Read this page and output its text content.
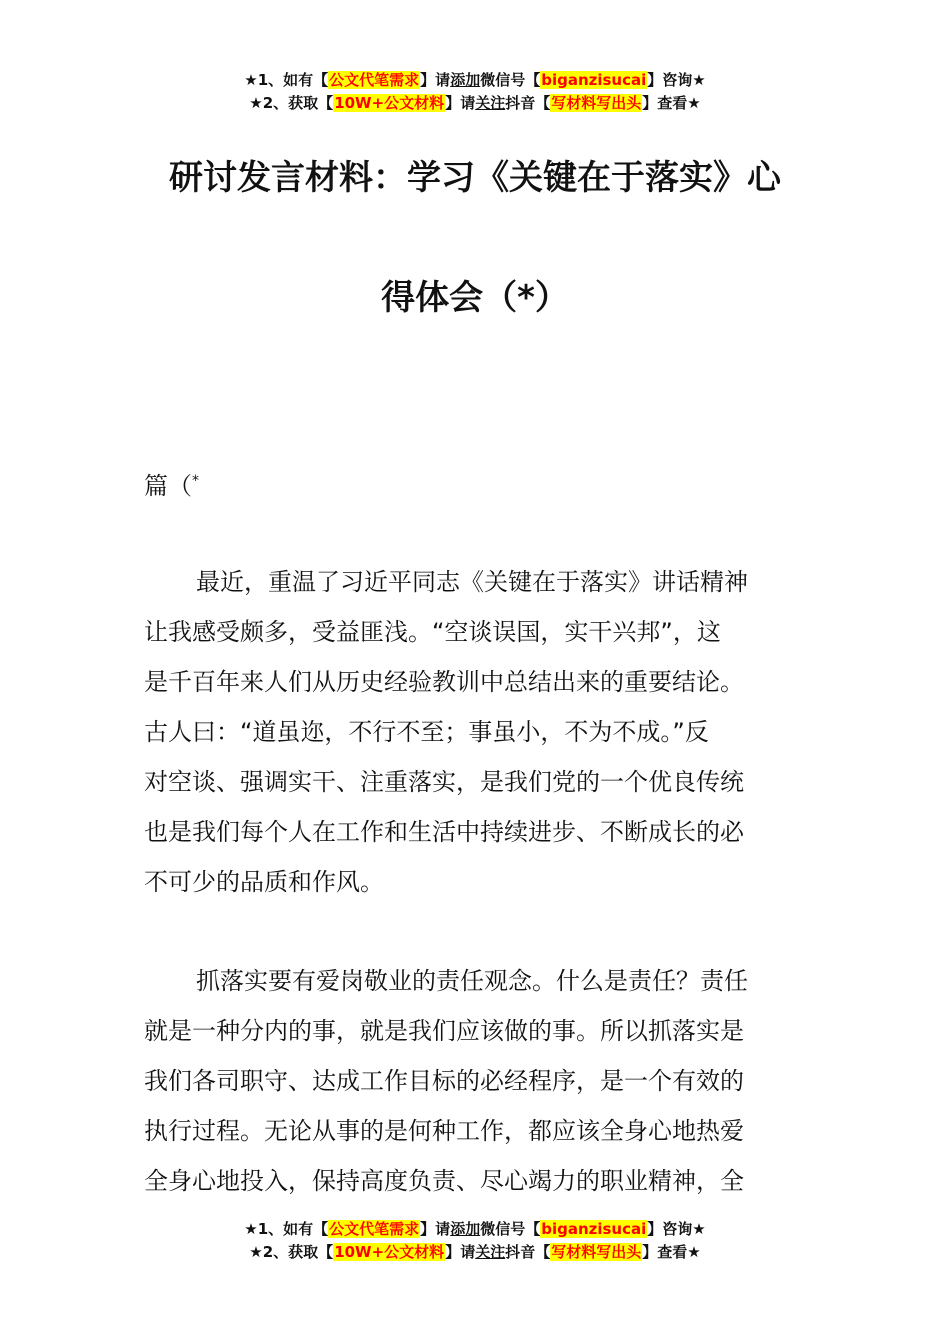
★1、如有【公文代笔需求】请添加微信号【biganzisucai】咨询★
★2、获取【10W+公文材料】请关注抖音【写材料写出头】查看★
研讨发言材料：学习《关键在于落实》心
得体会（*）
篇（*
最近，重温了习近平同志《关键在于落实》讲话精神
让我感受颇多，受益匪浅。“空谈误国，实干兴邦”，这
是千百年来人们从历史经验教训中总结出来的重要结论。
古人曰：“道虽迩，不行不至；事虽小，不为不成。”反
对空谈、强调实干、注重落实，是我们党的一个优良传统
也是我们每个人在工作和生活中持续进步、不断成长的必
不可少的品质和作风。
抓落实要有爱岗敬业的责任观念。什么是责任？责任
就是一种分内的事，就是我们应该做的事。所以抓落实是
我们各司职守、达成工作目标的必经程序，是一个有效的
执行过程。无论从事的是何种工作，都应该全身心地热爱
全身心地投入，保持高度负责、尽心竭力的职业精神，全
★1、如有【公文代笔需求】请添加微信号【biganzisucai】咨询★
★2、获取【10W+公文材料】请关注抖音【写材料写出头】查看★
